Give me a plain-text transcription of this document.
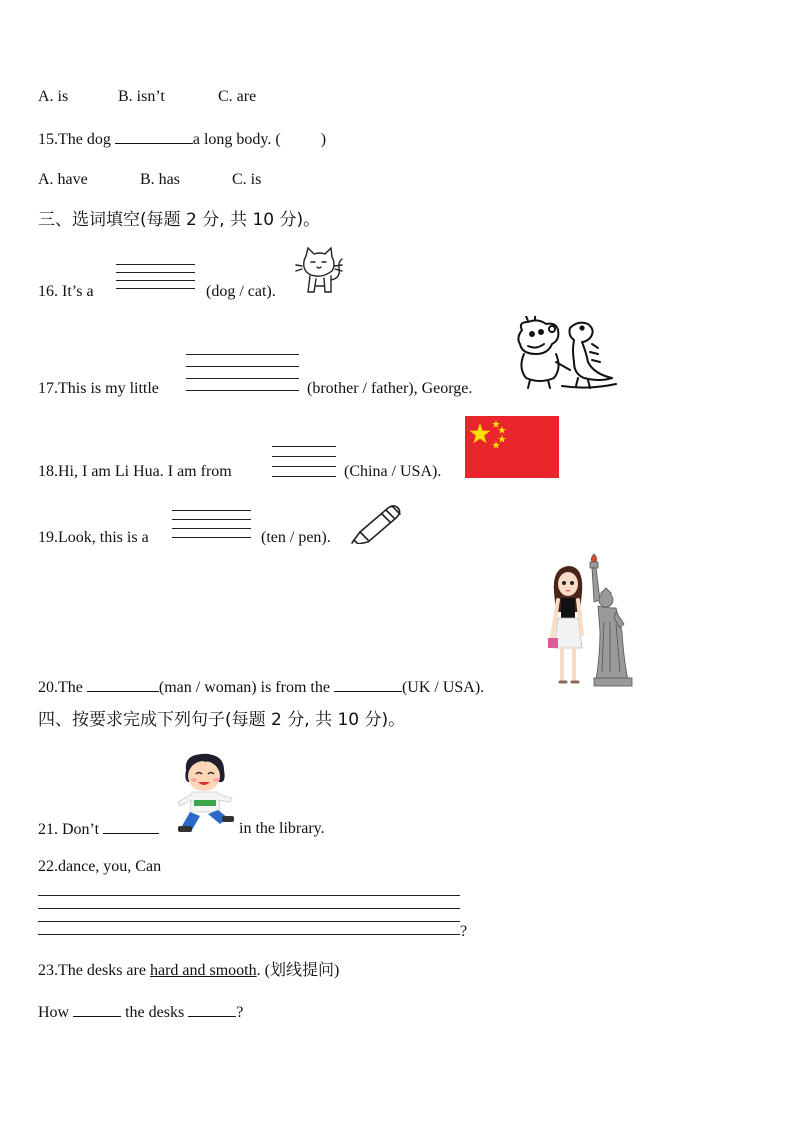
A. is	B. isn’t	C. are
15.The dog	a long body. (	)
A. have	B. has	C. is
三、选词填空(每题 2 分, 共 10 分)。
16. It’s a	(dog / cat).
17.This is my little	(brother / father), George.
18.Hi, I am Li Hua. I am from	(China / USA).
19.Look, this is a	(ten / pen).
20.The	(man / woman) is from the	(UK / USA).
四、按要求完成下列句子(每题 2 分, 共 10 分)。
21. Don’t	in the library.
22.dance, you, Can
?
23.The desks are hard and smooth. (划线提问)
How	the desks	?
